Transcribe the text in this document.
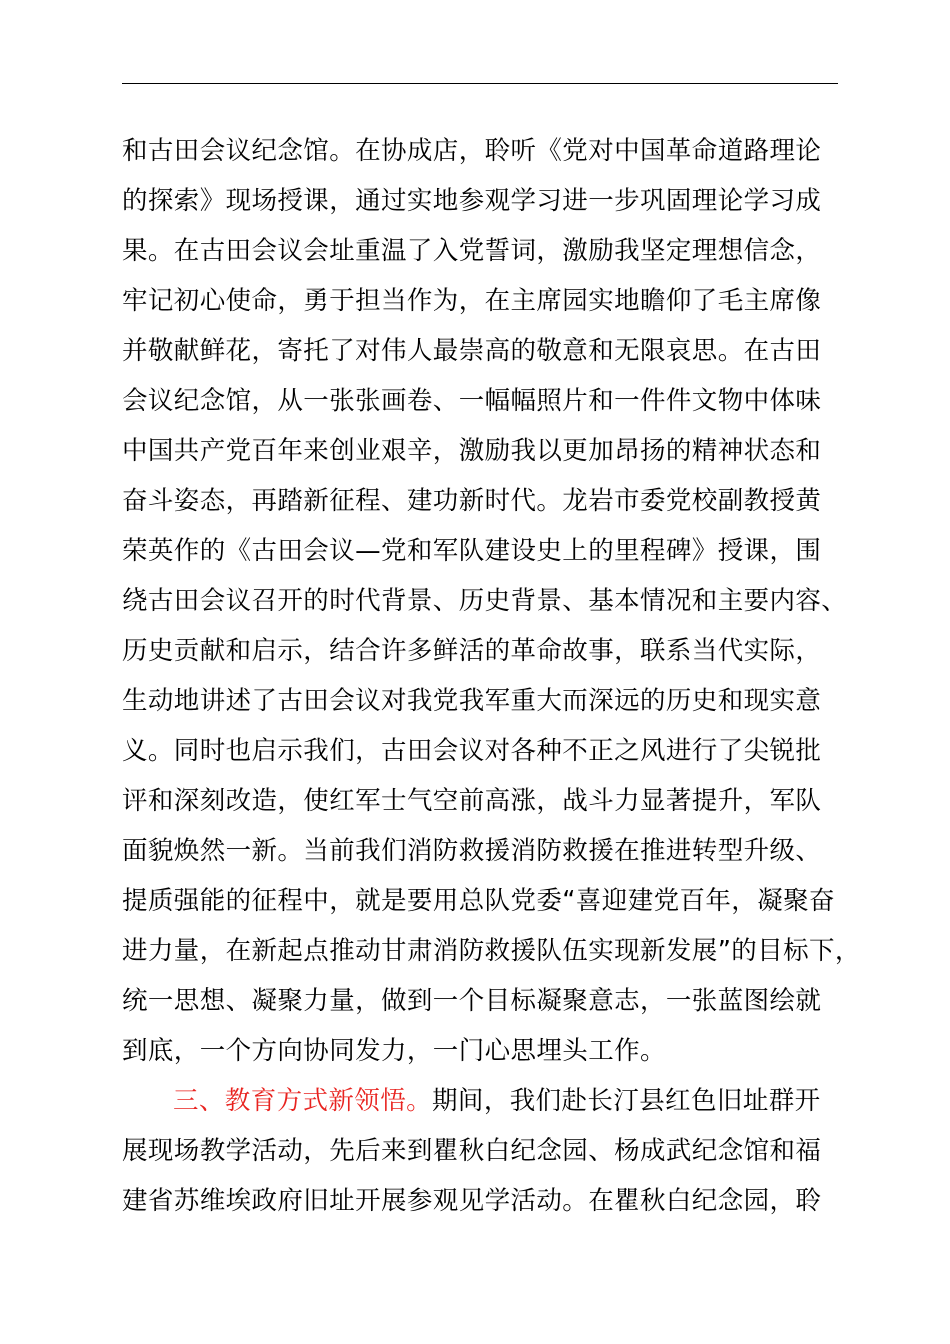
和古田会议纪念馆。在协成店，聆听《党对中国革命道路理论
的探索》现场授课，通过实地参观学习进一步巩固理论学习成
果。在古田会议会址重温了入党誓词，激励我坚定理想信念，
牢记初心使命，勇于担当作为，在主席园实地瞻仰了毛主席像
并敬献鲜花，寄托了对伟人最崇高的敬意和无限哀思。在古田
会议纪念馆，从一张张画卷、一幅幅照片和一件件文物中体味
中国共产党百年来创业艰辛，激励我以更加昂扬的精神状态和
奋斗姿态，再踏新征程、建功新时代。龙岩市委党校副教授黄
荣英作的《古田会议—党和军队建设史上的里程碑》授课，围
绕古田会议召开的时代背景、历史背景、基本情况和主要内容、
历史贡献和启示，结合许多鲜活的革命故事，联系当代实际，
生动地讲述了古田会议对我党我军重大而深远的历史和现实意
义。同时也启示我们，古田会议对各种不正之风进行了尖锐批
评和深刻改造，使红军士气空前高涨，战斗力显著提升，军队
面貌焕然一新。当前我们消防救援消防救援在推进转型升级、
提质强能的征程中，就是要用总队党委“喜迎建党百年，凝聚奋
进力量，在新起点推动甘肃消防救援队伍实现新发展”的目标下，
统一思想、凝聚力量，做到一个目标凝聚意志，一张蓝图绘就
到底，一个方向协同发力，一门心思埋头工作。
三、教育方式新领悟。期间，我们赴长汀县红色旧址群开
展现场教学活动，先后来到瞿秋白纪念园、杨成武纪念馆和福
建省苏维埃政府旧址开展参观见学活动。在瞿秋白纪念园，聆
